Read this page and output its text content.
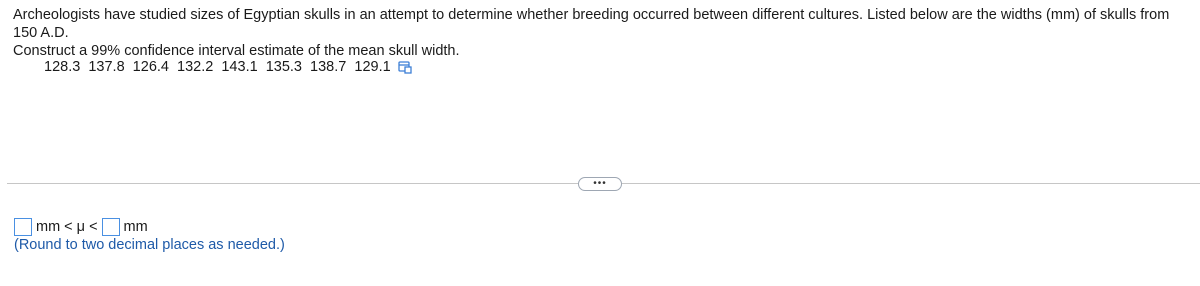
Archeologists have studied sizes of Egyptian skulls in an attempt to determine whether breeding occurred between different cultures. Listed below are the widths (mm) of skulls from 150 A.D.

Construct a 99% confidence interval estimate of the mean skull width.

128.3  137.8  126.4  132.2  143.1  135.3  138.7  129.1
•••
mm < μ < mm
(Round to two decimal places as needed.)
